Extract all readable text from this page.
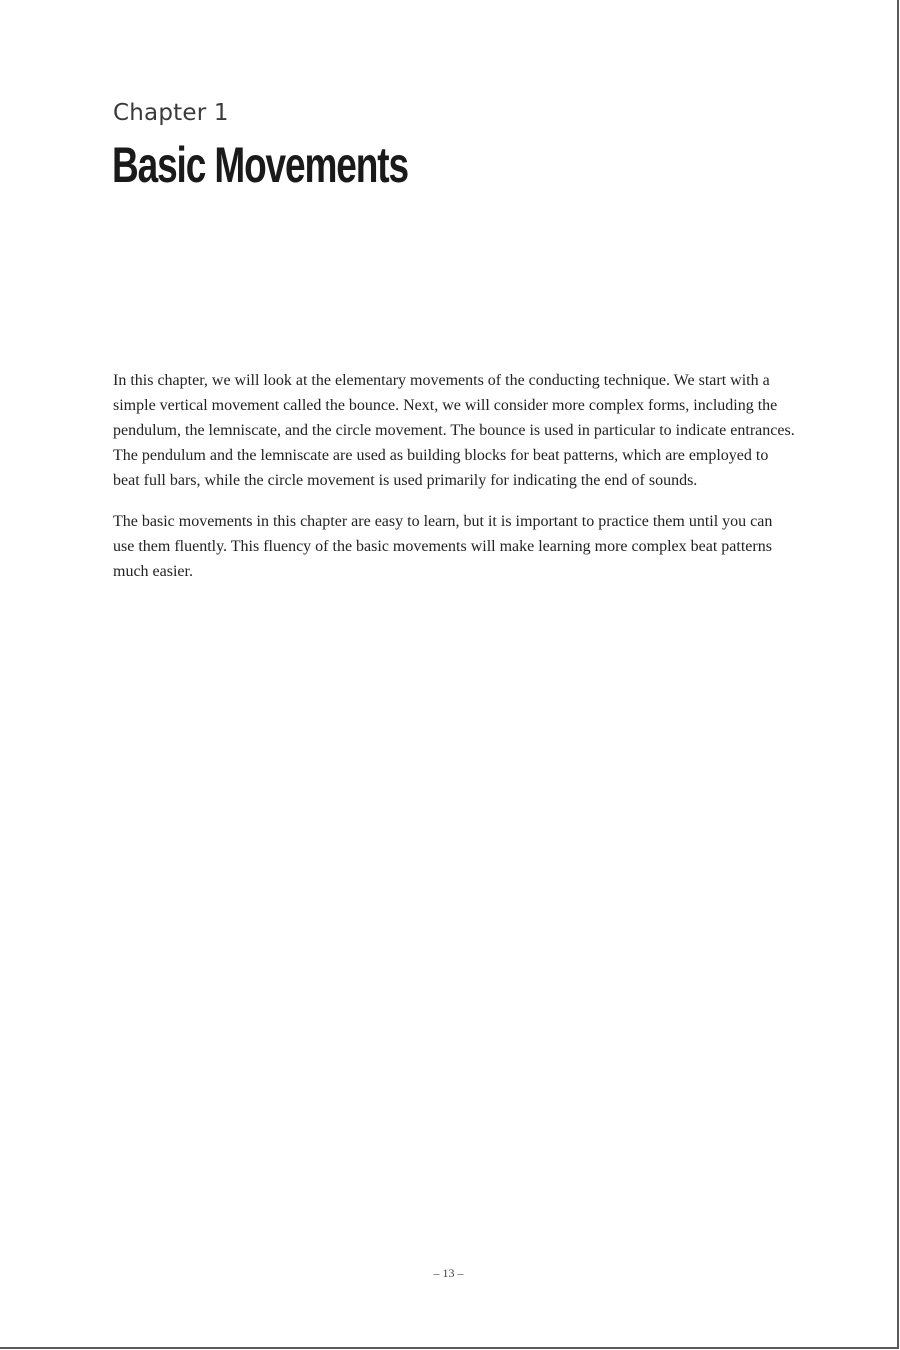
Chapter 1
Basic Movements

In this chapter, we will look at the elementary movements of the conducting technique. We start with a simple vertical movement called the bounce. Next, we will consider more complex forms, including the pendulum, the lemniscate, and the circle movement. The bounce is used in particular to indicate entrances. The pendulum and the lemniscate are used as building blocks for beat patterns, which are employed to beat full bars, while the circle movement is used primarily for indicating the end of sounds.

The basic movements in this chapter are easy to learn, but it is important to practice them until you can use them fluently. This fluency of the basic movements will make learning more complex beat patterns much easier.

– 13 –
